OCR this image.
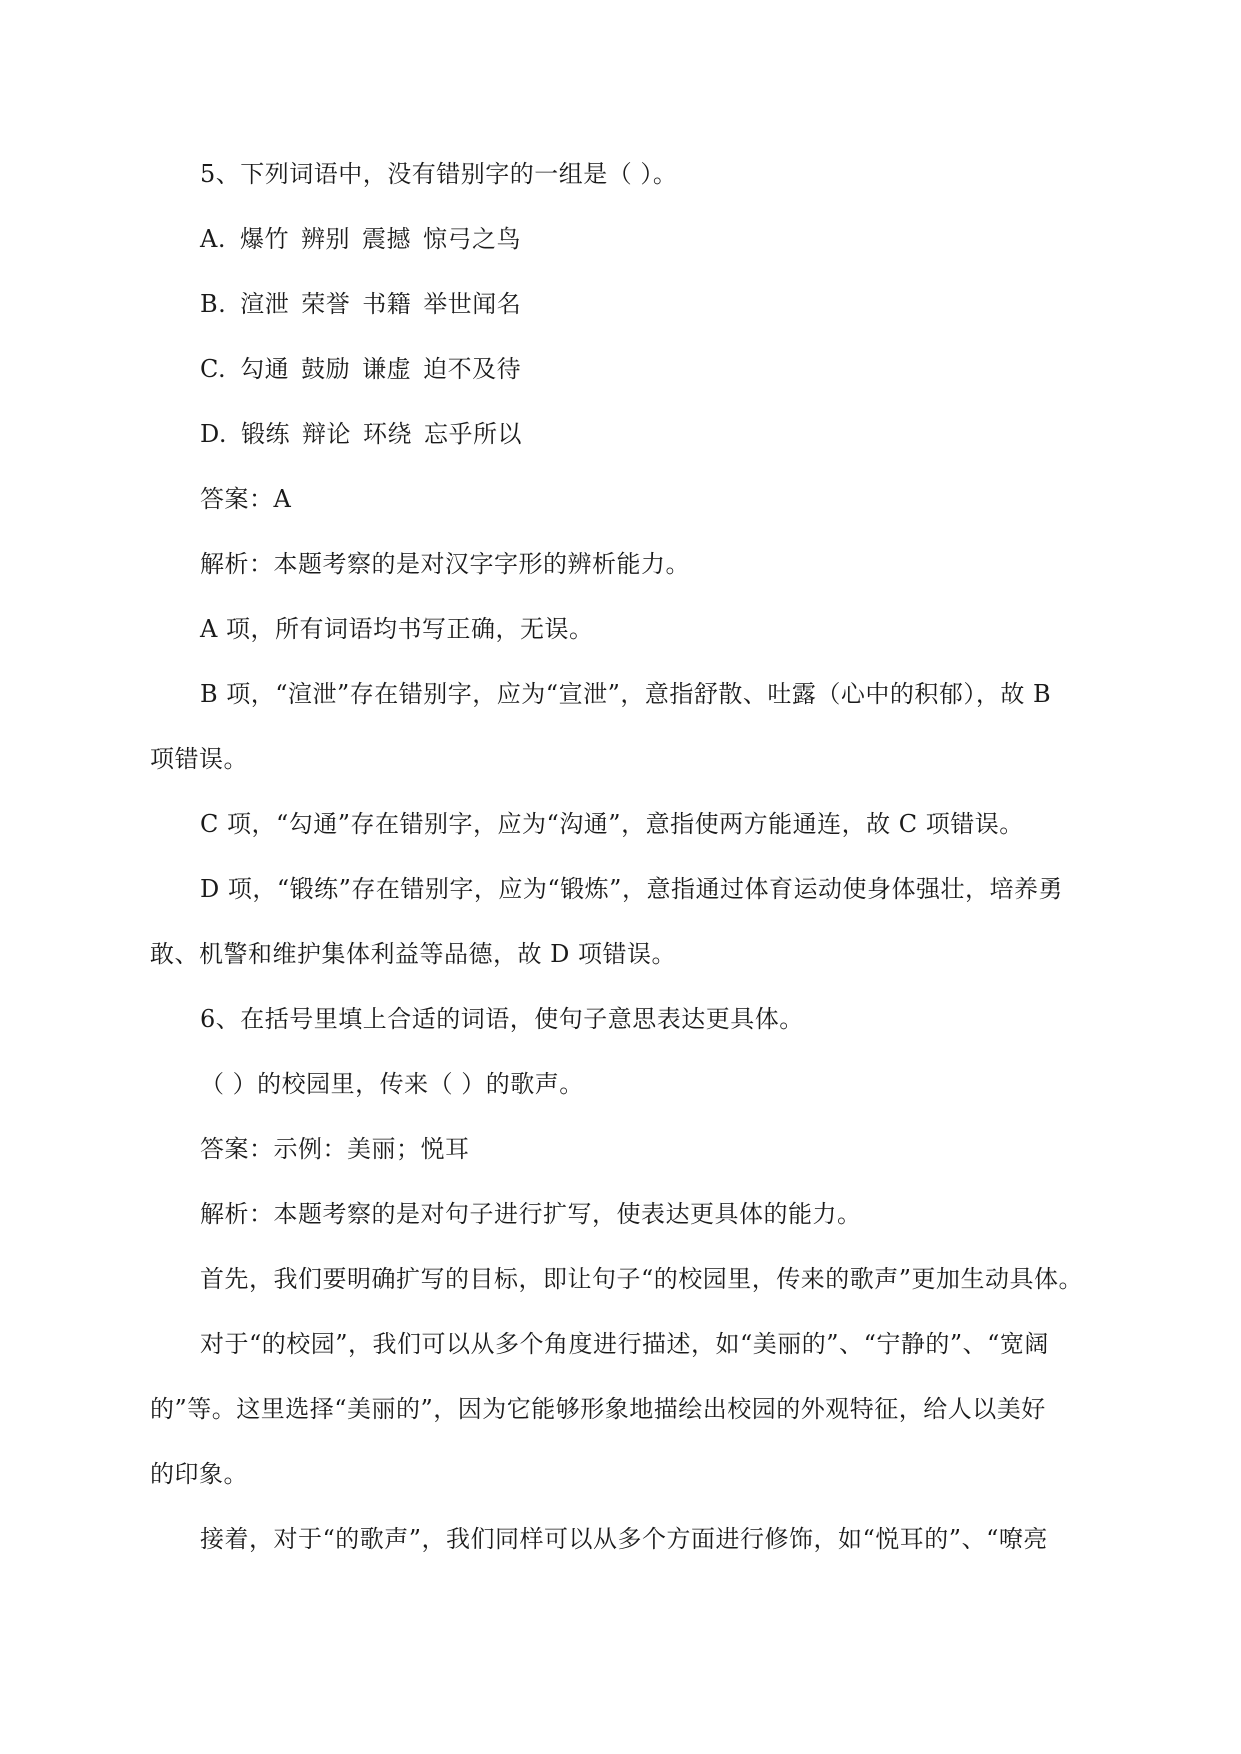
5、下列词语中，没有错别字的一组是（ ）。
A. 爆竹 辨别 震撼 惊弓之鸟
B. 渲泄 荣誉 书籍 举世闻名
C. 勾通 鼓励 谦虚 迫不及待
D. 锻练 辩论 环绕 忘乎所以
答案：A
解析：本题考察的是对汉字字形的辨析能力。
A 项，所有词语均书写正确，无误。
B 项，“渲泄”存在错别字，应为“宣泄”，意指舒散、吐露（心中的积郁），故 B
项错误。
C 项，“勾通”存在错别字，应为“沟通”，意指使两方能通连，故 C 项错误。
D 项，“锻练”存在错别字，应为“锻炼”，意指通过体育运动使身体强壮，培养勇
敢、机警和维护集体利益等品德，故 D 项错误。
6、在括号里填上合适的词语，使句子意思表达更具体。
（ ）的校园里，传来（ ）的歌声。
答案：示例：美丽；悦耳
解析：本题考察的是对句子进行扩写，使表达更具体的能力。
首先，我们要明确扩写的目标，即让句子“的校园里，传来的歌声”更加生动具体。
对于“的校园”，我们可以从多个角度进行描述，如“美丽的”、“宁静的”、“宽阔
的”等。这里选择“美丽的”，因为它能够形象地描绘出校园的外观特征，给人以美好
的印象。
接着，对于“的歌声”，我们同样可以从多个方面进行修饰，如“悦耳的”、“嘹亮
